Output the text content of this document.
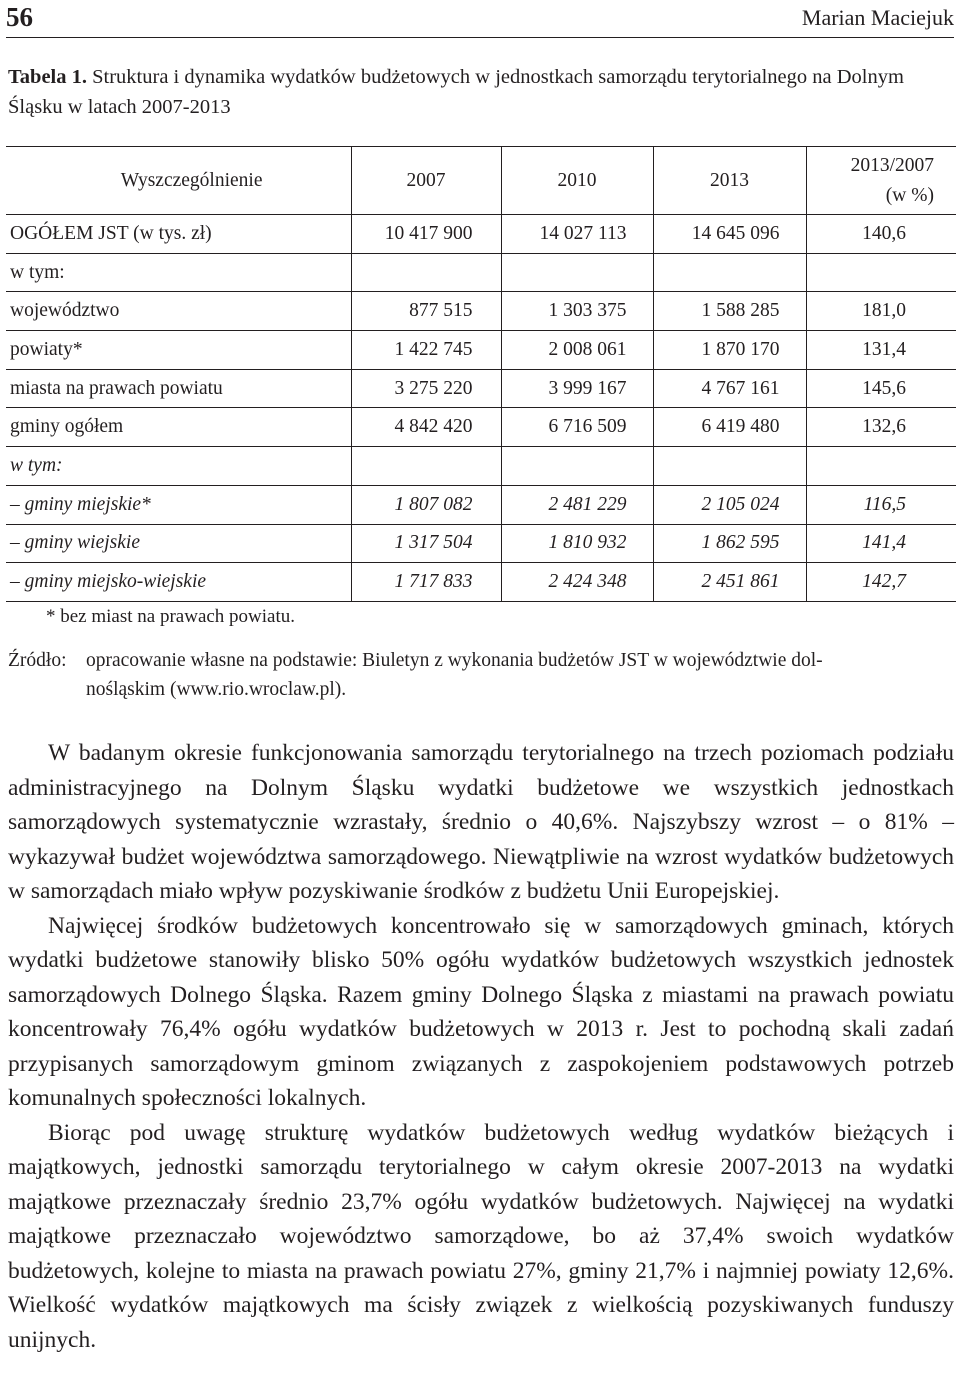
56	Marian Maciejuk
Tabela 1. Struktura i dynamika wydatków budżetowych w jednostkach samorządu terytorialnego na Dolnym Śląsku w latach 2007-2013
Wyszczególnienie	2007	2010	2013	2013/2007
(w %)

OGÓŁEM JST (w tys. zł)	10 417 900	14 027 113	14 645 096	140,6
w tym:				
województwo	877 515	1 303 375	1 588 285	181,0
powiaty*	1 422 745	2 008 061	1 870 170	131,4
miasta na prawach powiatu	3 275 220	3 999 167	4 767 161	145,6
gminy ogółem	4 842 420	6 716 509	6 419 480	132,6
w tym:				
– gminy miejskie*	1 807 082	2 481 229	2 105 024	116,5
– gminy wiejskie	1 317 504	1 810 932	1 862 595	141,4
– gminy miejsko-wiejskie	1 717 833	2 424 348	2 451 861	142,7
* bez miast na prawach powiatu.
Źródło: opracowanie własne na podstawie: Biuletyn z wykonania budżetów JST w województwie dol-
nośląskim (www.rio.wroclaw.pl).

W badanym okresie funkcjonowania samorządu terytorialnego na trzech poziomach podziału administracyjnego na Dolnym Śląsku wydatki budżetowe we wszystkich jednostkach samorządowych systematycznie wzrastały, średnio o 40,6%. Najszybszy wzrost – o 81% – wykazywał budżet województwa samorządowego. Niewątpliwie na wzrost wydatków budżetowych w samorządach miało wpływ pozyskiwanie środków z budżetu Unii Europejskiej.

Najwięcej środków budżetowych koncentrowało się w samorządowych gminach, których wydatki budżetowe stanowiły blisko 50% ogółu wydatków budżetowych wszystkich jednostek samorządowych Dolnego Śląska. Razem gminy Dolnego Śląska z miastami na prawach powiatu koncentrowały 76,4% ogółu wydatków budżetowych w 2013 r. Jest to pochodną skali zadań przypisanych samorządowym gminom związanych z zaspokojeniem podstawowych potrzeb komunalnych społeczności lokalnych.

Biorąc pod uwagę strukturę wydatków budżetowych według wydatków bieżących i majątkowych, jednostki samorządu terytorialnego w całym okresie 2007-2013 na wydatki majątkowe przeznaczały średnio 23,7% ogółu wydatków budżetowych. Najwięcej na wydatki majątkowe przeznaczało województwo samorządowe, bo aż 37,4% swoich wydatków budżetowych, kolejne to miasta na prawach powiatu 27%, gminy 21,7% i najmniej powiaty 12,6%. Wielkość wydatków majątkowych ma ścisły związek z wielkością pozyskiwanych funduszy unijnych.
